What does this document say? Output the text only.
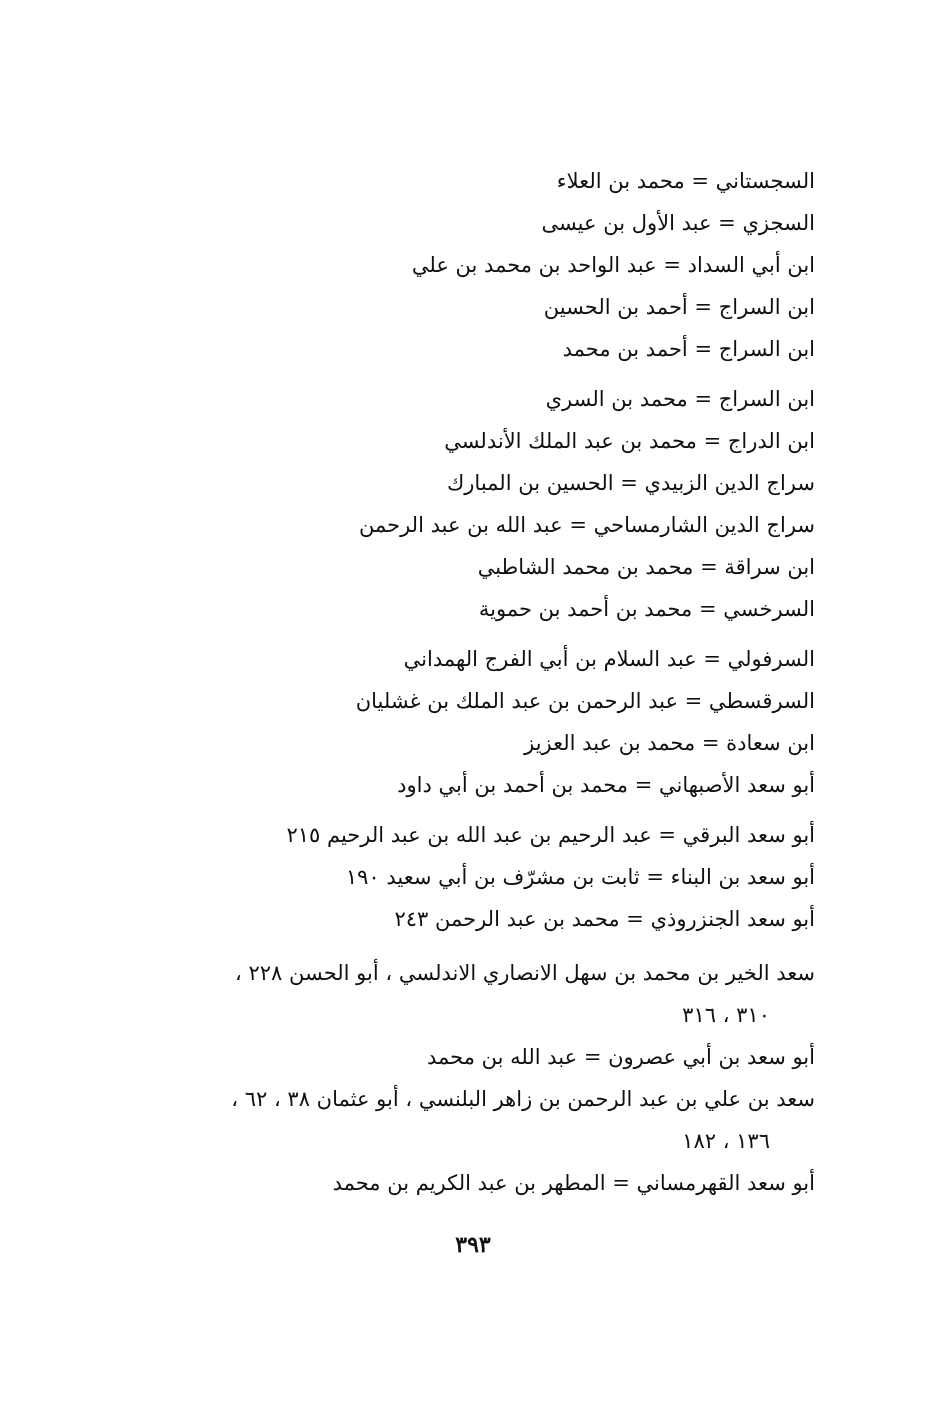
السجستاني = محمد بن العلاء
السجزي = عبد الأول بن عيسى
ابن أبي السداد = عبد الواحد بن محمد بن علي
ابن السراج = أحمد بن الحسين
ابن السراج = أحمد بن محمد
ابن السراج = محمد بن السري
ابن الدراج = محمد بن عبد الملك الأندلسي
سراج الدين الزبيدي = الحسين بن المبارك
سراج الدين الشارمساحي = عبد الله بن عبد الرحمن
ابن سراقة = محمد بن محمد الشاطبي
السرخسي = محمد بن أحمد بن حموية
السرفولي = عبد السلام بن أبي الفرج الهمداني
السرقسطي = عبد الرحمن بن عبد الملك بن غشليان
ابن سعادة = محمد بن عبد العزيز
أبو سعد الأصبهاني = محمد بن أحمد بن أبي داود
أبو سعد البرقي = عبد الرحيم بن عبد الله بن عبد الرحيم ٢١٥
أبو سعد بن البناء = ثابت بن مشرّف بن أبي سعيد ١٩٠
أبو سعد الجنزروذي = محمد بن عبد الرحمن ٢٤٣
سعد الخير بن محمد بن سهل الانصاري الاندلسي ، أبو الحسن ٢٢٨ ،
٣١٠ ، ٣١٦
أبو سعد بن أبي عصرون = عبد الله بن محمد
سعد بن علي بن عبد الرحمن بن زاهر البلنسي ، أبو عثمان ٣٨ ، ٦٢ ،
١٣٦ ، ١٨٢
أبو سعد القهرمساني = المطهر بن عبد الكريم بن محمد
٣٩٣
